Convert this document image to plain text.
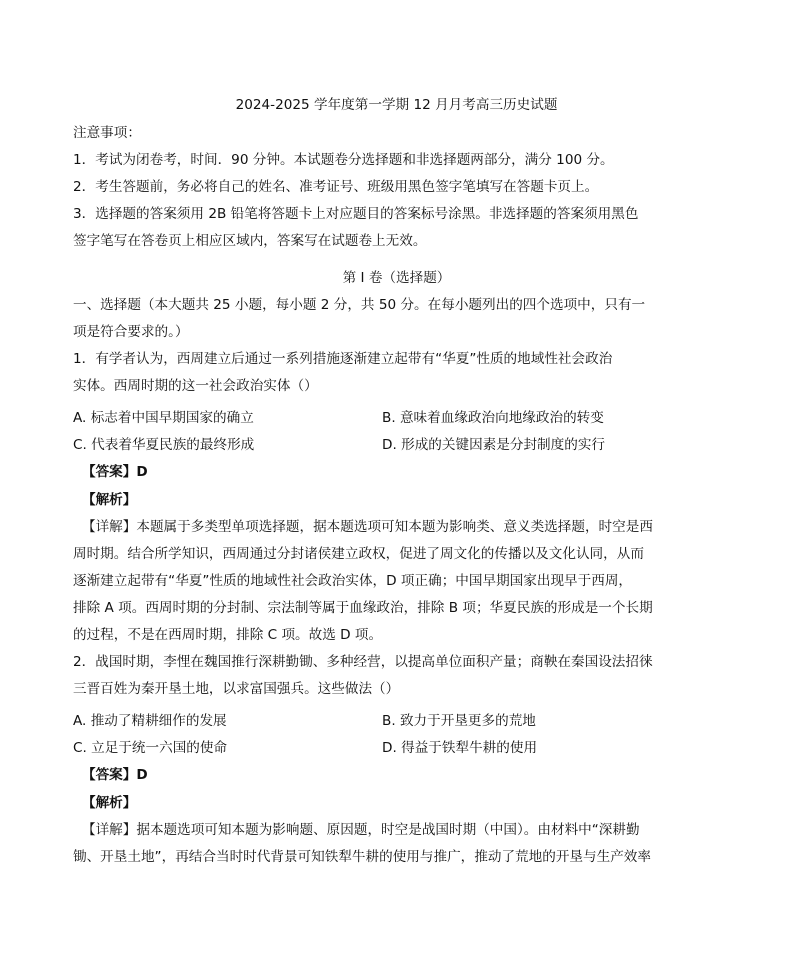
2024-2025 学年度第一学期 12 月月考高三历史试题
注意事项：
1．考试为闭卷考，时间．90 分钟。本试题卷分选择题和非选择题两部分，满分 100 分。
2．考生答题前，务必将自己的姓名、准考证号、班级用黑色签字笔填写在答题卡页上。
3．选择题的答案须用 2B 铅笔将答题卡上对应题目的答案标号涂黑。非选择题的答案须用黑色
签字笔写在答卷页上相应区域内，答案写在试题卷上无效。
第 I 卷（选择题）
一、选择题（本大题共 25 小题，每小题 2 分，共 50 分。在每小题列出的四个选项中，只有一
项是符合要求的。）
1．有学者认为，西周建立后通过一系列措施逐渐建立起带有“华夏”性质的地域性社会政治
实体。西周时期的这一社会政治实体（）
A. 标志着中国早期国家的确立	B. 意味着血缘政治向地缘政治的转变
C. 代表着华夏民族的最终形成	D. 形成的关键因素是分封制度的实行
【答案】D
【解析】
【详解】本题属于多类型单项选择题，据本题选项可知本题为影响类、意义类选择题，时空是西
周时期。结合所学知识，西周通过分封诸侯建立政权，促进了周文化的传播以及文化认同，从而
逐渐建立起带有“华夏”性质的地域性社会政治实体，D 项正确；中国早期国家出现早于西周，
排除 A 项。西周时期的分封制、宗法制等属于血缘政治，排除 B 项；华夏民族的形成是一个长期
的过程，不是在西周时期，排除 C 项。故选 D 项。
2．战国时期，李悝在魏国推行深耕勤锄、多种经营，以提高单位面积产量；商鞅在秦国设法招徕
三晋百姓为秦开垦土地，以求富国强兵。这些做法（）
A. 推动了精耕细作的发展	B. 致力于开垦更多的荒地
C. 立足于统一六国的使命	D. 得益于铁犁牛耕的使用
【答案】D
【解析】
【详解】据本题选项可知本题为影响题、原因题，时空是战国时期（中国）。由材料中“深耕勤
锄、开垦土地”，再结合当时时代背景可知铁犁牛耕的使用与推广，推动了荒地的开垦与生产效率
